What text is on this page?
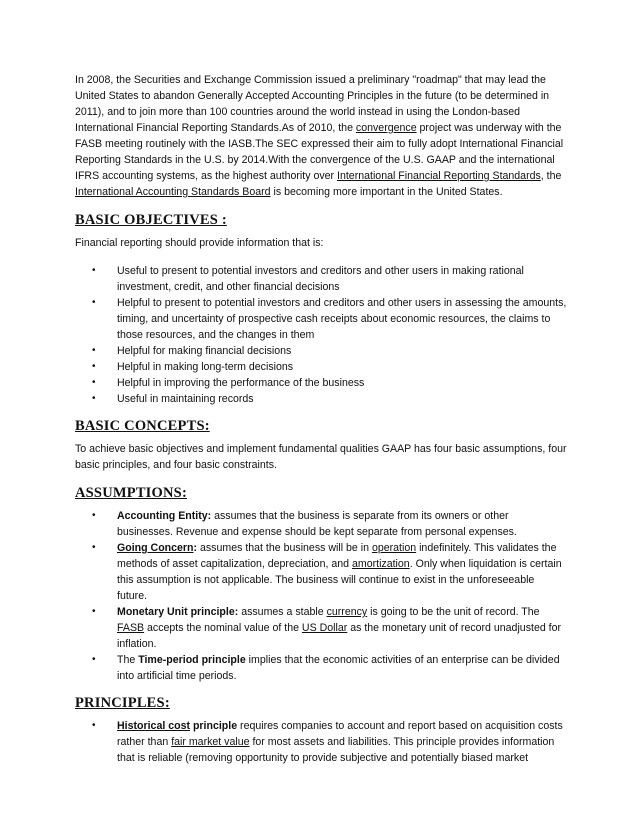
In 2008, the Securities and Exchange Commission issued a preliminary "roadmap" that may lead the United States to abandon Generally Accepted Accounting Principles in the future (to be determined in 2011), and to join more than 100 countries around the world instead in using the London-based International Financial Reporting Standards.As of 2010, the convergence project was underway with the FASB meeting routinely with the IASB.The SEC expressed their aim to fully adopt International Financial Reporting Standards in the U.S. by 2014.With the convergence of the U.S. GAAP and the international IFRS accounting systems, as the highest authority over International Financial Reporting Standards, the International Accounting Standards Board is becoming more important in the United States.

BASIC OBJECTIVES :

Financial reporting should provide information that is:

• Useful to present to potential investors and creditors and other users in making rational investment, credit, and other financial decisions
• Helpful to present to potential investors and creditors and other users in assessing the amounts, timing, and uncertainty of prospective cash receipts about economic resources, the claims to those resources, and the changes in them
• Helpful for making financial decisions
• Helpful in making long-term decisions
• Helpful in improving the performance of the business
• Useful in maintaining records
BASIC CONCEPTS:

To achieve basic objectives and implement fundamental qualities GAAP has four basic assumptions, four basic principles, and four basic constraints.

ASSUMPTIONS:
• Accounting Entity: assumes that the business is separate from its owners or other businesses. Revenue and expense should be kept separate from personal expenses.
• Going Concern: assumes that the business will be in operation indefinitely. This validates the methods of asset capitalization, depreciation, and amortization. Only when liquidation is certain this assumption is not applicable. The business will continue to exist in the unforeseeable future.
• Monetary Unit principle: assumes a stable currency is going to be the unit of record. The FASB accepts the nominal value of the US Dollar as the monetary unit of record unadjusted for inflation.
• The Time-period principle implies that the economic activities of an enterprise can be divided into artificial time periods.
PRINCIPLES:
• Historical cost principle requires companies to account and report based on acquisition costs rather than fair market value for most assets and liabilities. This principle provides information that is reliable (removing opportunity to provide subjective and potentially biased market
